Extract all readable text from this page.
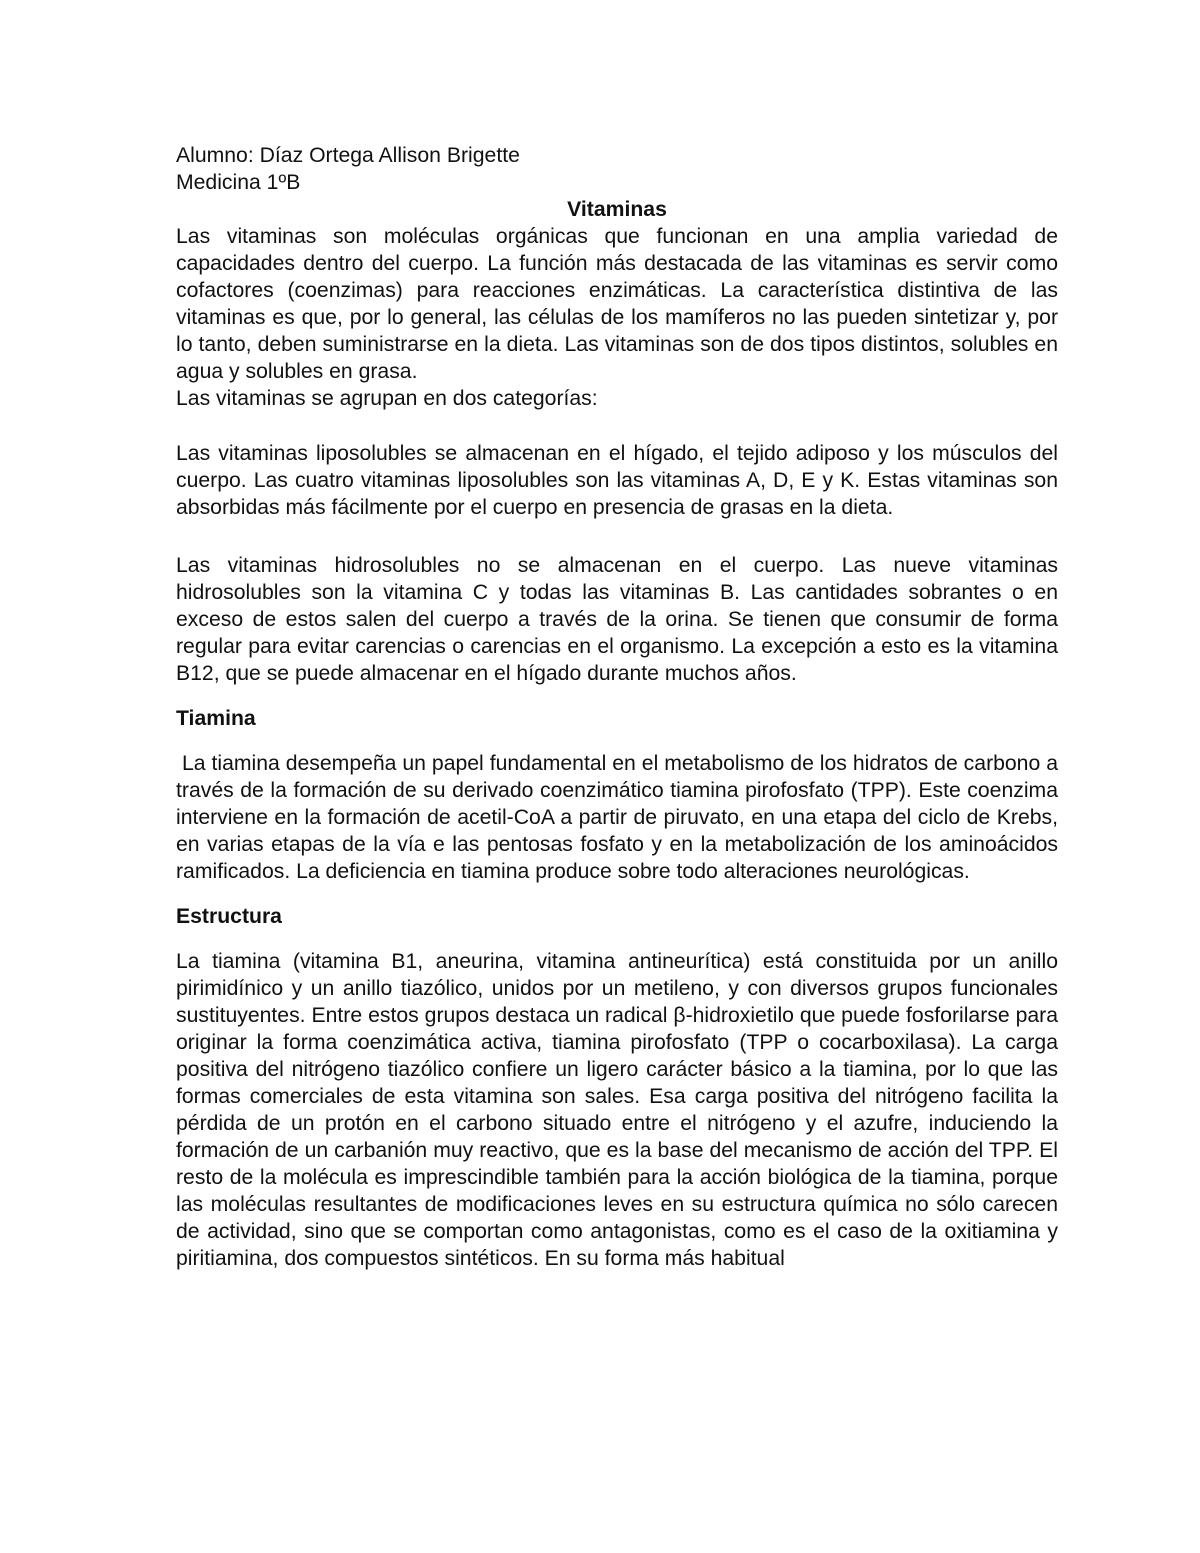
Alumno: Díaz Ortega Allison Brigette

Medicina 1ºB

Vitaminas

Las vitaminas son moléculas orgánicas que funcionan en una amplia variedad de capacidades dentro del cuerpo. La función más destacada de las vitaminas es servir como cofactores (coenzimas) para reacciones enzimáticas. La característica distintiva de las vitaminas es que, por lo general, las células de los mamíferos no las pueden sintetizar y, por lo tanto, deben suministrarse en la dieta. Las vitaminas son de dos tipos distintos, solubles en agua y solubles en grasa.

Las vitaminas se agrupan en dos categorías:

Las vitaminas liposolubles se almacenan en el hígado, el tejido adiposo y los músculos del cuerpo. Las cuatro vitaminas liposolubles son las vitaminas A, D, E y K. Estas vitaminas son absorbidas más fácilmente por el cuerpo en presencia de grasas en la dieta.

Las vitaminas hidrosolubles no se almacenan en el cuerpo. Las nueve vitaminas hidrosolubles son la vitamina C y todas las vitaminas B. Las cantidades sobrantes o en exceso de estos salen del cuerpo a través de la orina. Se tienen que consumir de forma regular para evitar carencias o carencias en el organismo. La excepción a esto es la vitamina B12, que se puede almacenar en el hígado durante muchos años.

Tiamina

La tiamina desempeña un papel fundamental en el metabolismo de los hidratos de carbono a través de la formación de su derivado coenzimático tiamina pirofosfato (TPP). Este coenzima interviene en la formación de acetil-CoA a partir de piruvato, en una etapa del ciclo de Krebs, en varias etapas de la vía e las pentosas fosfato y en la metabolización de los aminoácidos ramificados. La deficiencia en tiamina produce sobre todo alteraciones neurológicas.

Estructura

La tiamina (vitamina B1, aneurina, vitamina antineurítica) está constituida por un anillo pirimidínico y un anillo tiazólico, unidos por un metileno, y con diversos grupos funcionales sustituyentes. Entre estos grupos destaca un radical β-hidroxietilo que puede fosforilarse para originar la forma coenzimática activa, tiamina pirofosfato (TPP o cocarboxilasa). La carga positiva del nitrógeno tiazólico confiere un ligero carácter básico a la tiamina, por lo que las formas comerciales de esta vitamina son sales. Esa carga positiva del nitrógeno facilita la pérdida de un protón en el carbono situado entre el nitrógeno y el azufre, induciendo la formación de un carbanión muy reactivo, que es la base del mecanismo de acción del TPP. El resto de la molécula es imprescindible también para la acción biológica de la tiamina, porque las moléculas resultantes de modificaciones leves en su estructura química no sólo carecen de actividad, sino que se comportan como antagonistas, como es el caso de la oxitiamina y piritiamina, dos compuestos sintéticos. En su forma más habitual
